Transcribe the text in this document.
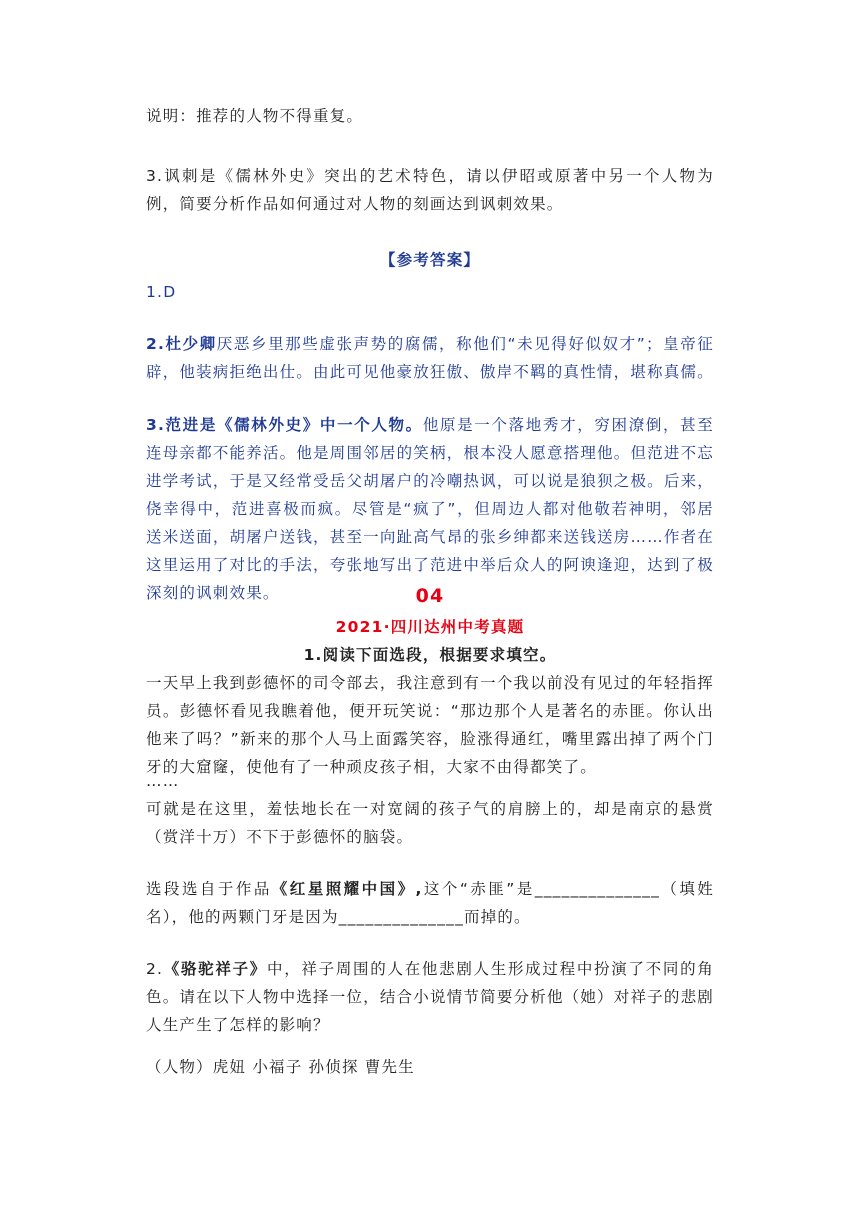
说明：推荐的人物不得重复。

3.讽刺是《儒林外史》突出的艺术特色，请以伊昭或原著中另一个人物为例，简要分析作品如何通过对人物的刻画达到讽刺效果。

【参考答案】

1.D

2.杜少卿厌恶乡里那些虚张声势的腐儒，称他们“未见得好似奴才”；皇帝征辟，他装病拒绝出仕。由此可见他豪放狂傲、傲岸不羁的真性情，堪称真儒。

3.范进是《儒林外史》中一个人物。他原是一个落地秀才，穷困潦倒，甚至连母亲都不能养活。他是周围邻居的笑柄，根本没人愿意搭理他。但范进不忘进学考试，于是又经常受岳父胡屠户的冷嘲热讽，可以说是狼狈之极。后来，侥幸得中，范进喜极而疯。尽管是“疯了”，但周边人都对他敬若神明，邻居送米送面，胡屠户送钱，甚至一向趾高气昂的张乡绅都来送钱送房……作者在这里运用了对比的手法，夸张地写出了范进中举后众人的阿谀逢迎，达到了极深刻的讽刺效果。	04

2021·四川达州中考真题

1.阅读下面选段，根据要求填空。

一天早上我到彭德怀的司令部去，我注意到有一个我以前没有见过的年轻指挥员。彭德怀看见我瞧着他，便开玩笑说：“那边那个人是著名的赤匪。你认出他来了吗？”新来的那个人马上面露笑容，脸涨得通红，嘴里露出掉了两个门牙的大窟窿，使他有了一种顽皮孩子相，大家不由得都笑了。

……

可就是在这里，羞怯地长在一对宽阔的孩子气的肩膀上的，却是南京的悬赏（赏洋十万）不下于彭德怀的脑袋。

选段选自于作品《红星照耀中国》,这个“赤匪”是______________（填姓名），他的两颗门牙是因为______________而掉的。

2.《骆驼祥子》中，祥子周围的人在他悲剧人生形成过程中扮演了不同的角色。请在以下人物中选择一位，结合小说情节简要分析他（她）对祥子的悲剧人生产生了怎样的影响？

（人物）虎妞 小福子 孙侦探 曹先生
